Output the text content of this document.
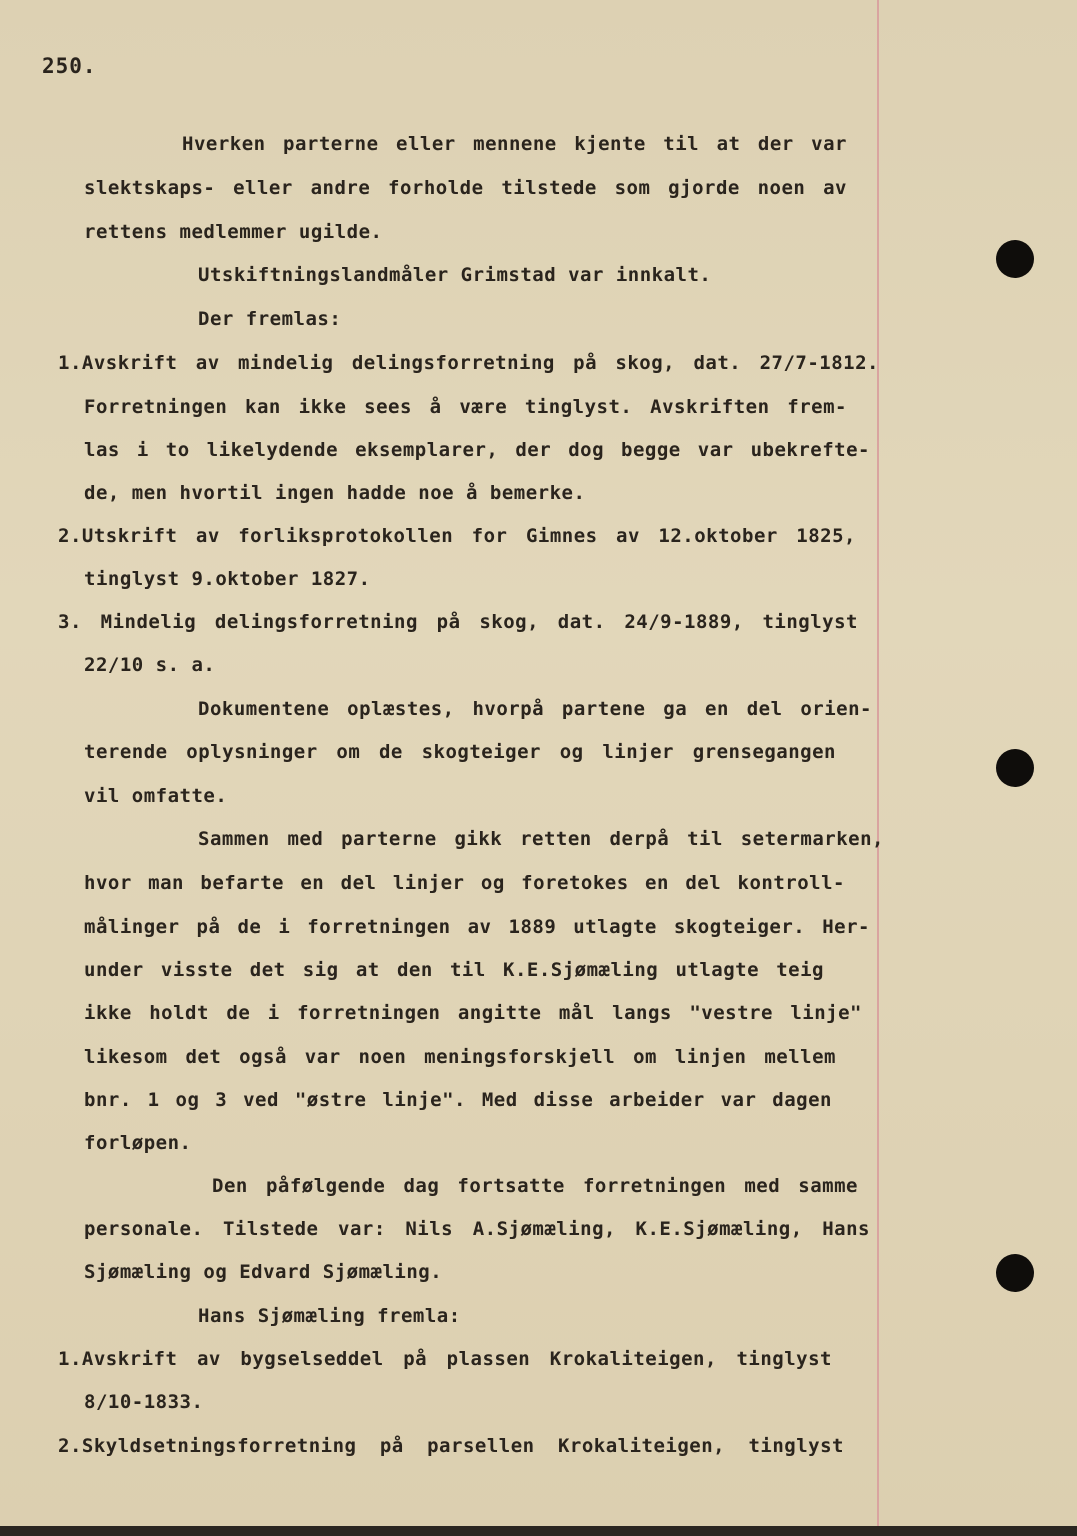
250.
Hverken parterne eller mennene kjente til at der var
slektskaps- eller andre forholde tilstede som gjorde noen av
rettens medlemmer ugilde.
Utskiftningslandmåler Grimstad var innkalt.
Der fremlas:
1.Avskrift av mindelig delingsforretning på skog, dat. 27/7-1812.
Forretningen kan ikke sees å være tinglyst. Avskriften frem-
las i to likelydende eksemplarer, der dog begge var ubekrefte-
de, men hvortil ingen hadde noe å bemerke.
2.Utskrift av forliksprotokollen for Gimnes av 12.oktober 1825,
tinglyst 9.oktober 1827.
3. Mindelig delingsforretning på skog, dat. 24/9-1889, tinglyst
22/10 s. a.
Dokumentene oplæstes, hvorpå partene ga en del orien-
terende oplysninger om de skogteiger og linjer grensegangen
vil omfatte.
Sammen med parterne gikk retten derpå til setermarken,
hvor man befarte en del linjer og foretokes en del kontroll-
målinger på de i forretningen av 1889 utlagte skogteiger. Her-
under visste det sig at den til K.E.Sjømæling utlagte teig
ikke holdt de i forretningen angitte mål langs "vestre linje"
likesom det også var noen meningsforskjell om linjen mellem
bnr. 1 og 3 ved "østre linje". Med disse arbeider var dagen
forløpen.
Den påfølgende dag fortsatte forretningen med samme
personale. Tilstede var: Nils A.Sjømæling, K.E.Sjømæling, Hans
Sjømæling og Edvard Sjømæling.
Hans Sjømæling fremla:
1.Avskrift av bygselseddel på plassen Krokaliteigen, tinglyst
8/10-1833.
2.Skyldsetningsforretning på parsellen Krokaliteigen, tinglyst
